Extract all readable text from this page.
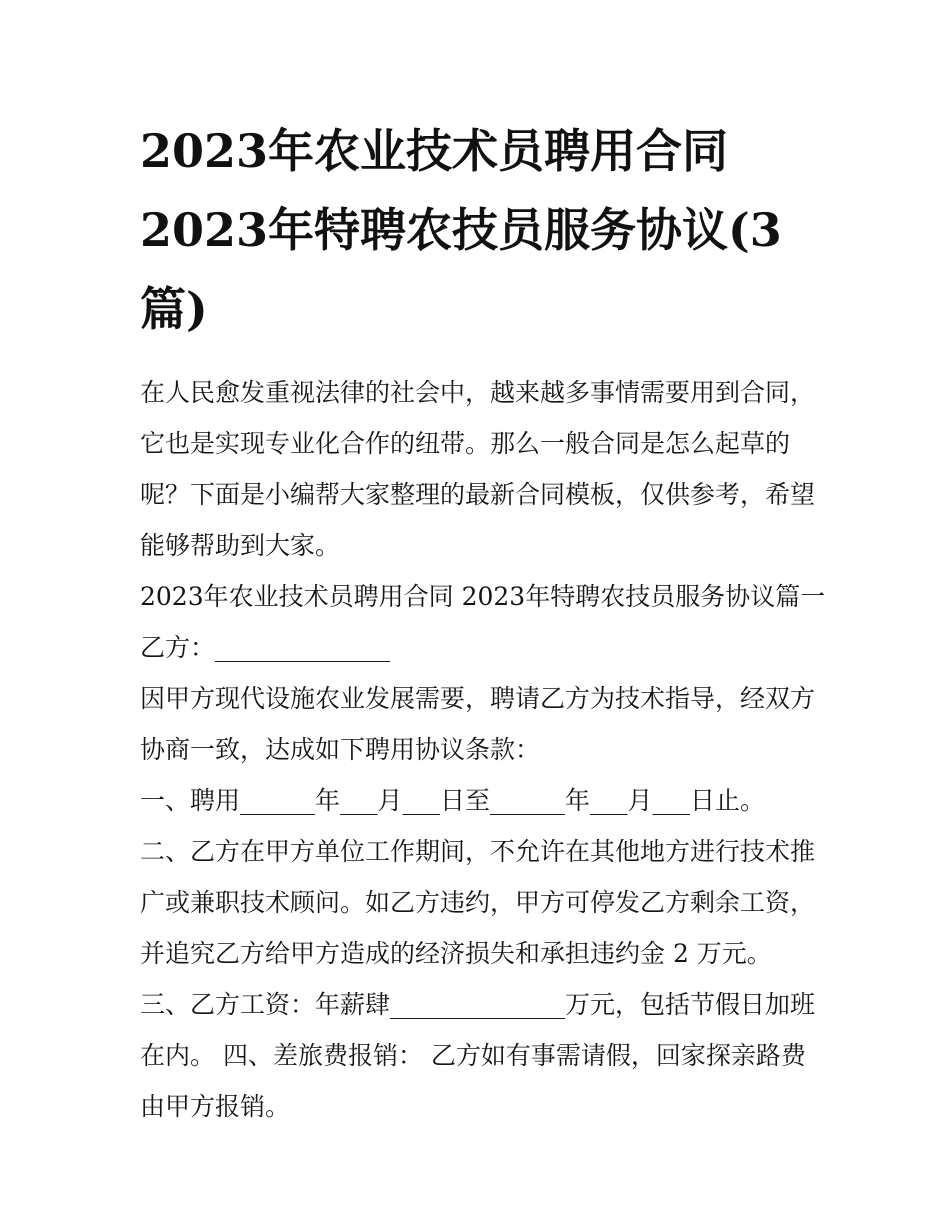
2023年农业技术员聘用合同
2023年特聘农技员服务协议(3
篇)

在人民愈发重视法律的社会中，越来越多事情需要用到合同，

它也是实现专业化合作的纽带。那么一般合同是怎么起草的

呢？下面是小编帮大家整理的最新合同模板，仅供参考，希望

能够帮助到大家。

2023年农业技术员聘用合同 2023年特聘农技员服务协议篇一

乙方：______________

因甲方现代设施农业发展需要，聘请乙方为技术指导，经双方

协商一致，达成如下聘用协议条款：

一、聘用______年___月___日至______年___月___日止。

二、乙方在甲方单位工作期间，不允许在其他地方进行技术推

广或兼职技术顾问。如乙方违约，甲方可停发乙方剩余工资，

并追究乙方给甲方造成的经济损失和承担违约金 2 万元。

三、乙方工资：年薪肆______________万元，包括节假日加班

在内。 四、差旅费报销： 乙方如有事需请假，回家探亲路费

由甲方报销。
